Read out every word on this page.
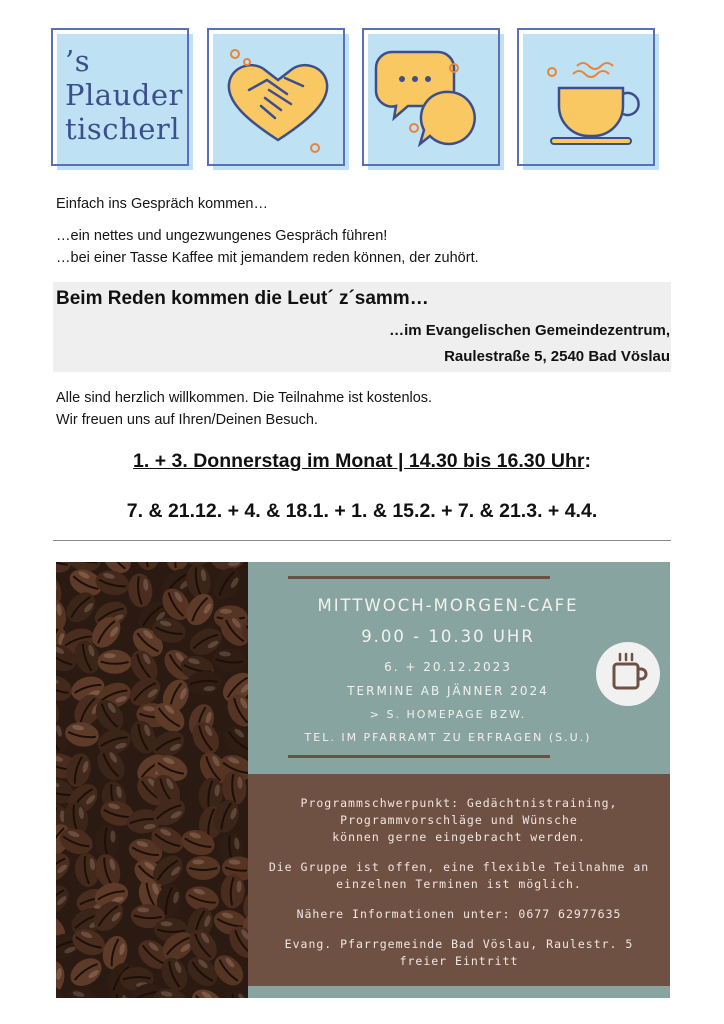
’s
Plauder
tischerl
Einfach ins Gespräch kommen…
…ein nettes und ungezwungenes Gespräch führen!
…bei einer Tasse Kaffee mit jemandem reden können, der zuhört.
Beim Reden kommen die Leut´ z´samm…
…im Evangelischen Gemeindezentrum,
Raulestraße 5, 2540 Bad Vöslau
Alle sind herzlich willkommen. Die Teilnahme ist kostenlos.
Wir freuen uns auf Ihren/Deinen Besuch.
1. + 3. Donnerstag im Monat | 14.30 bis 16.30 Uhr:
7. & 21.12. + 4. & 18.1. + 1. & 15.2. + 7. & 21.3. + 4.4.
MITTWOCH-MORGEN-CAFE
9.00 - 10.30 UHR
6. + 20.12.2023
TERMINE AB JÄNNER 2024
> S. HOMEPAGE BZW.
TEL. IM PFARRAMT ZU ERFRAGEN (S.U.)
Programmschwerpunkt: Gedächtnistraining,
Programmvorschläge und Wünsche
können gerne eingebracht werden.
Die Gruppe ist offen, eine flexible Teilnahme an
einzelnen Terminen ist möglich.
Nähere Informationen unter: 0677 62977635
Evang. Pfarrgemeinde Bad Vöslau, Raulestr. 5
freier Eintritt
